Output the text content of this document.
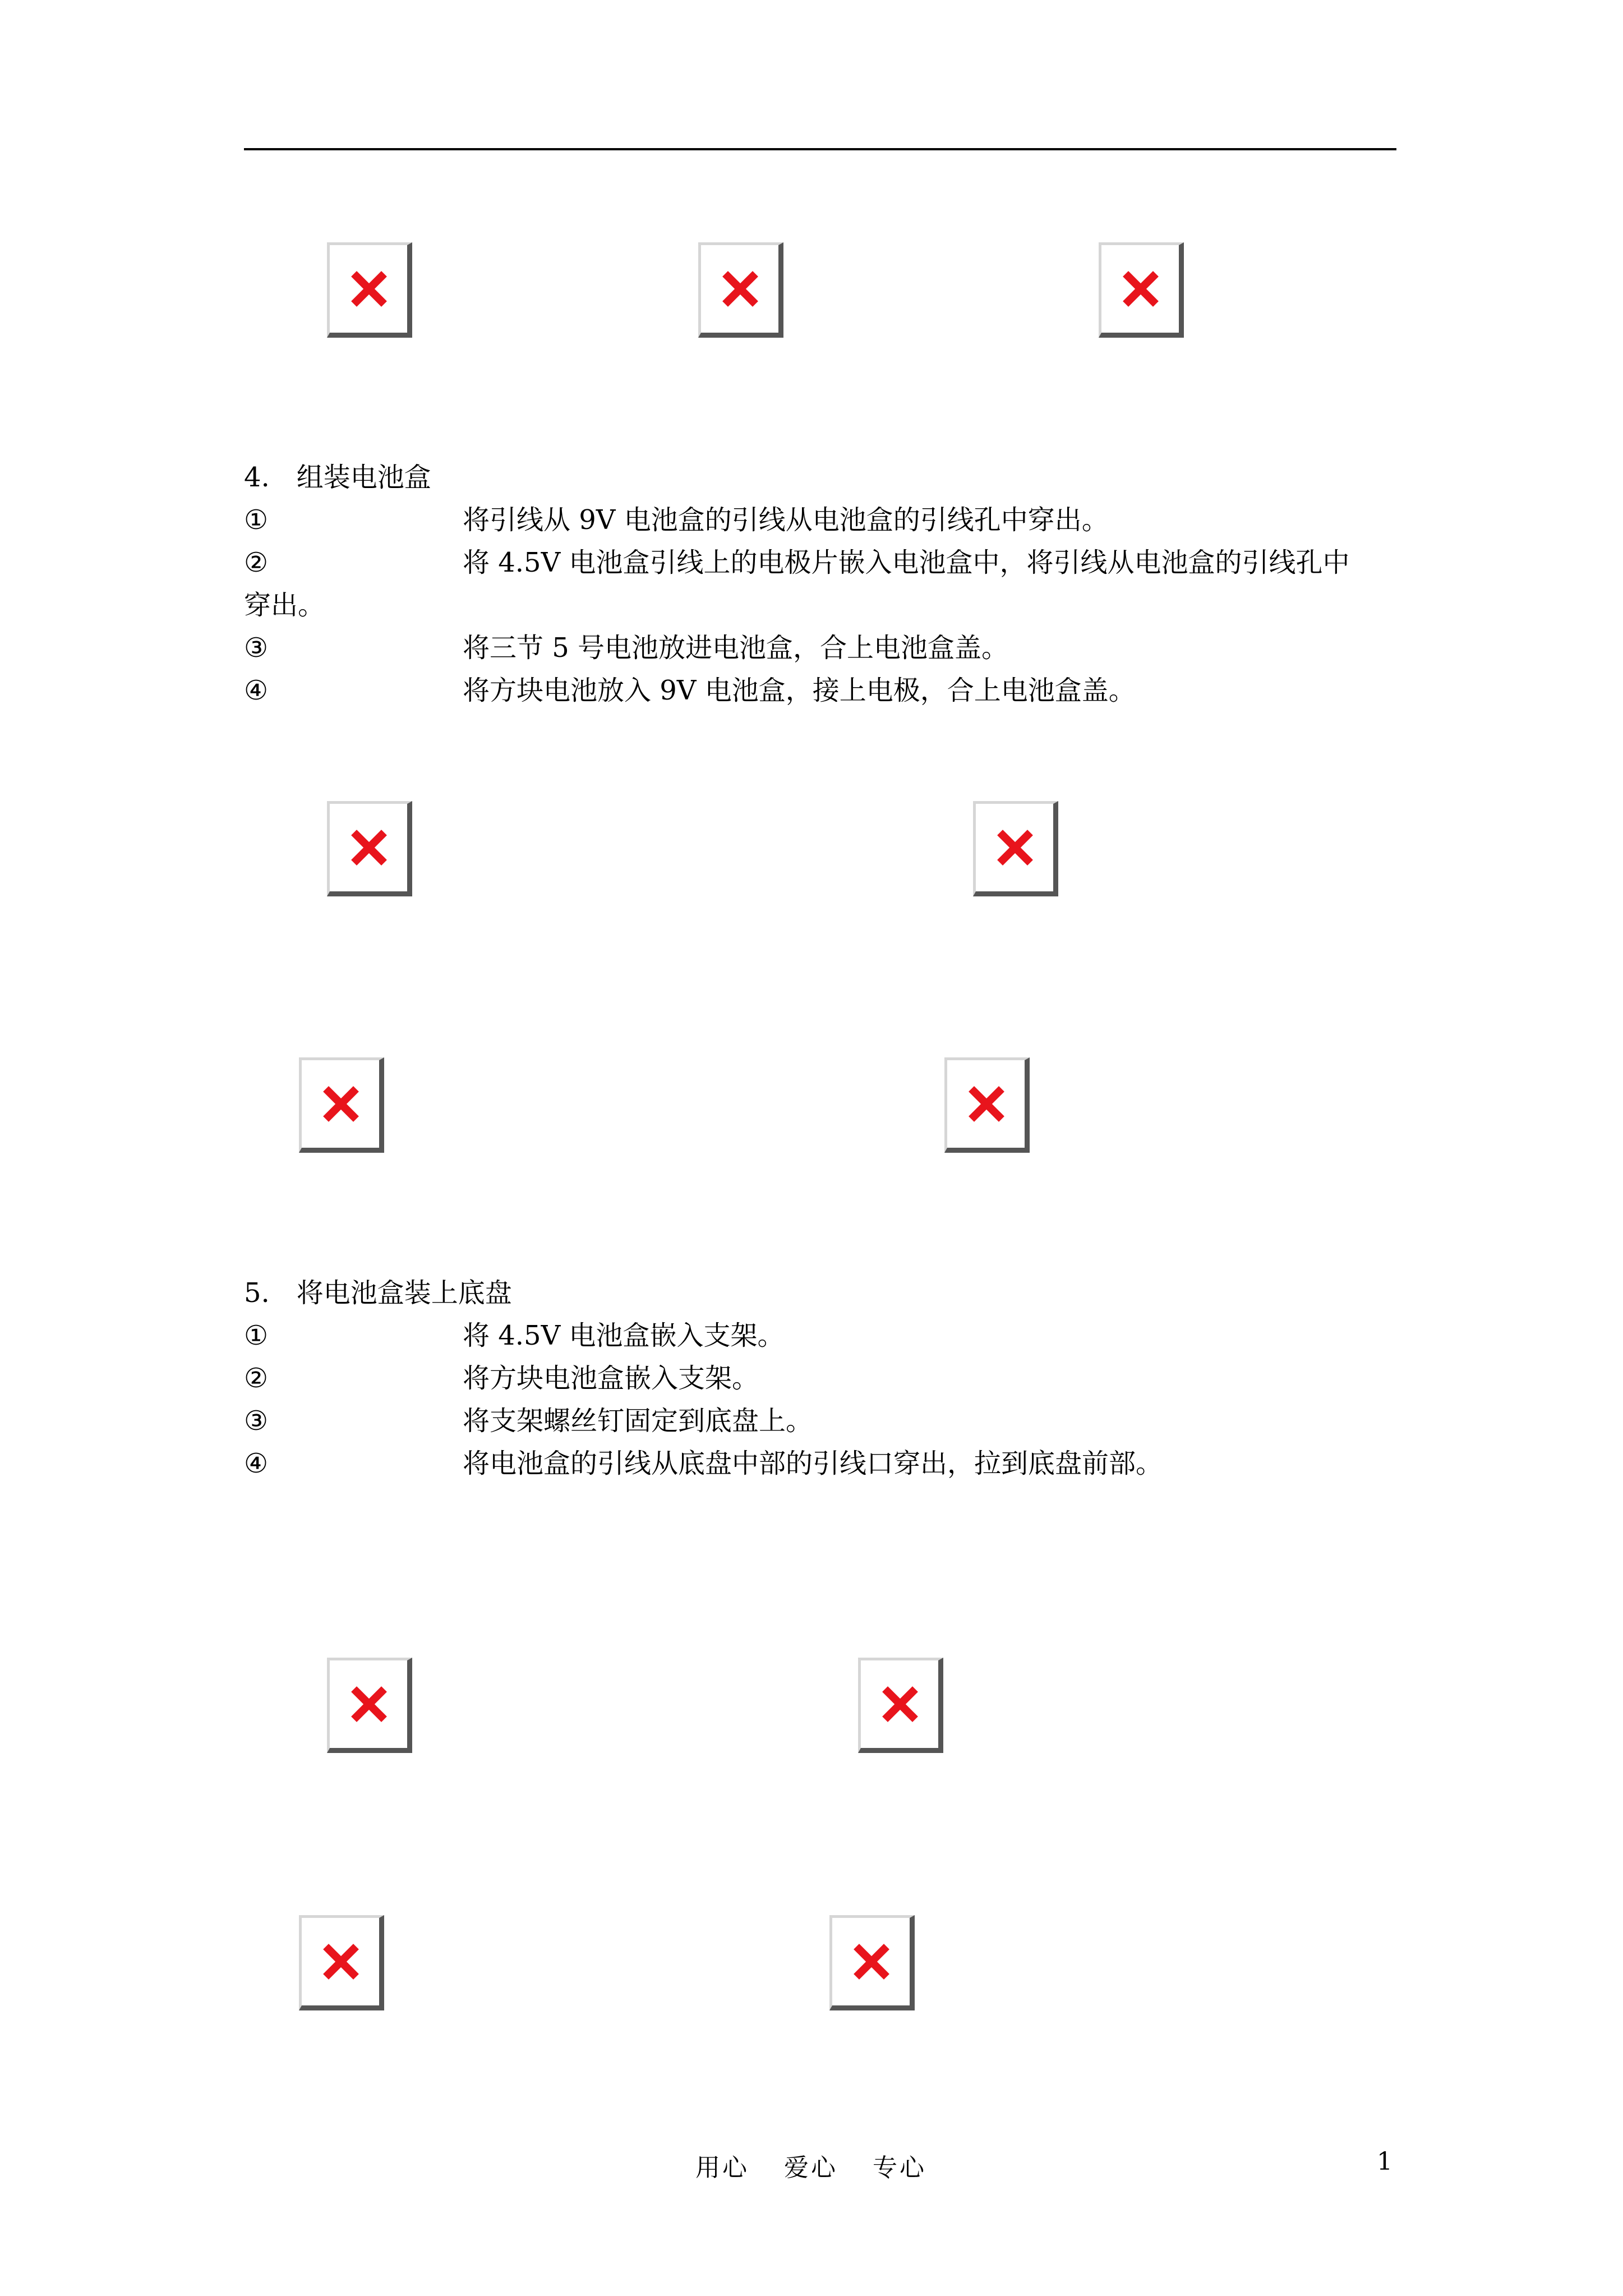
4.　组装电池盒
①	将引线从 9V 电池盒的引线从电池盒的引线孔中穿出。
②	将 4.5V 电池盒引线上的电极片嵌入电池盒中，将引线从电池盒的引线孔中
穿出。
③	将三节 5 号电池放进电池盒，合上电池盒盖。
④	将方块电池放入 9V 电池盒，接上电极，合上电池盒盖。
5.　将电池盒装上底盘
①	将 4.5V 电池盒嵌入支架。
②	将方块电池盒嵌入支架。
③	将支架螺丝钉固定到底盘上。
④	将电池盒的引线从底盘中部的引线口穿出，拉到底盘前部。
用心 爱心 专心	1
